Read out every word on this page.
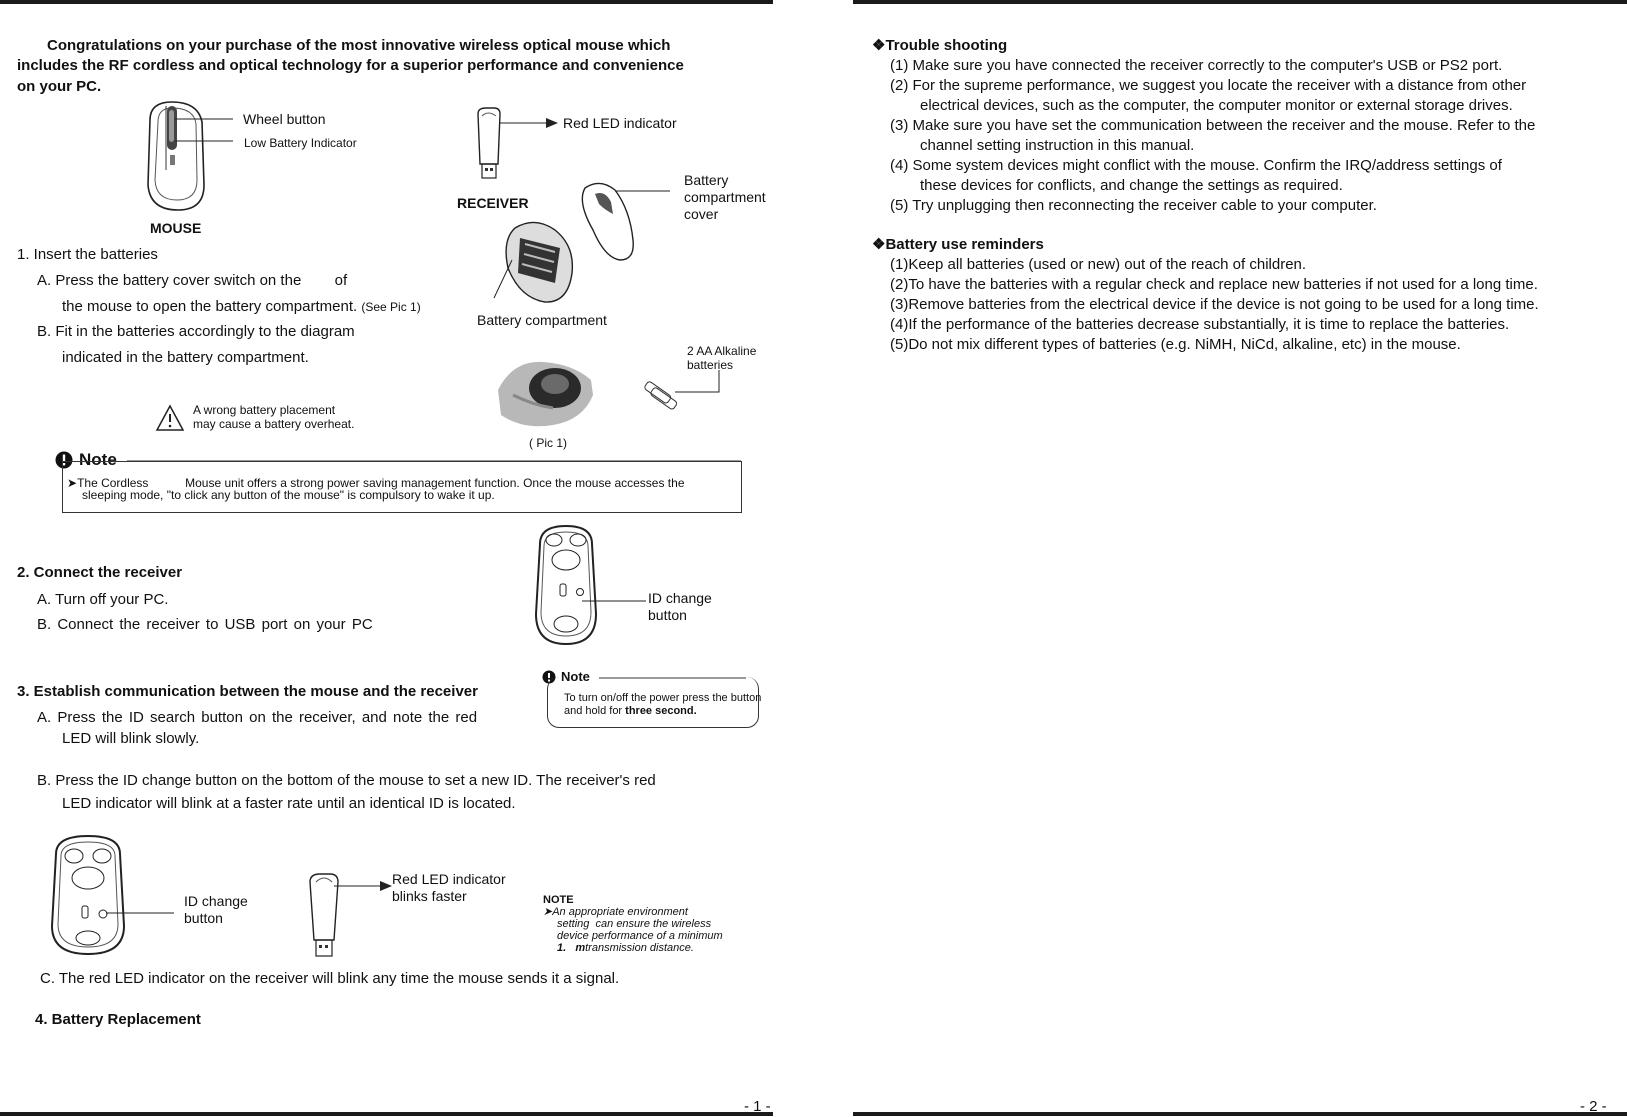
Congratulations on your purchase of the most innovative wireless optical mouse which
includes the RF cordless and optical technology for a superior performance and convenience
on your PC.
Wheel button
Low Battery Indicator
MOUSE
Red LED indicator
RECEIVER
Battery
compartment
cover
Battery compartment
( Pic 1)
2 AA Alkaline
batteries
1. Insert the batteries
A. Press the battery cover switch on the        of
the mouse to open the battery compartment. (See Pic 1)
B. Fit in the batteries accordingly to the diagram
indicated in the battery compartment.
A wrong battery placement
may cause a battery overheat.
Note
➤The Cordless           Mouse unit offers a strong power saving management function. Once the mouse accesses the
sleeping mode, "to click any button of the mouse" is compulsory to wake it up.
ID change
button
2. Connect the receiver
A. Turn off your PC.
B. Connect the receiver to USB port on your PC
Note
To turn on/off the power press the button
and hold for three second.
3. Establish communication between the mouse and the receiver
A. Press the ID search button on the receiver, and note the red
LED will blink slowly.
B. Press the ID change button on the bottom of the mouse to set a new ID. The receiver's red
LED indicator will blink at a faster rate until an identical ID is located.
ID change
button
Red LED indicator
blinks faster	NOTE
➤An appropriate environment
setting  can ensure the wireless
device performance of a minimum
1.   mtransmission distance.
C. The red LED indicator on the receiver will blink any time the mouse sends it a signal.
4. Battery Replacement
- 1 -
❖Trouble shooting
(1) Make sure you have connected the receiver correctly to the computer's USB or PS2 port.
(2) For the supreme performance, we suggest you locate the receiver with a distance from other
electrical devices, such as the computer, the computer monitor or external storage drives.
(3) Make sure you have set the communication between the receiver and the mouse. Refer to the
channel setting instruction in this manual.
(4) Some system devices might conflict with the mouse. Confirm the IRQ/address settings of
these devices for conflicts, and change the settings as required.
(5) Try unplugging then reconnecting the receiver cable to your computer.
❖Battery use reminders
(1)Keep all batteries (used or new) out of the reach of children.
(2)To have the batteries with a regular check and replace new batteries if not used for a long time.
(3)Remove batteries from the electrical device if the device is not going to be used for a long time.
(4)If the performance of the batteries decrease substantially, it is time to replace the batteries.
(5)Do not mix different types of batteries (e.g. NiMH, NiCd, alkaline, etc) in the mouse.
- 2 -
